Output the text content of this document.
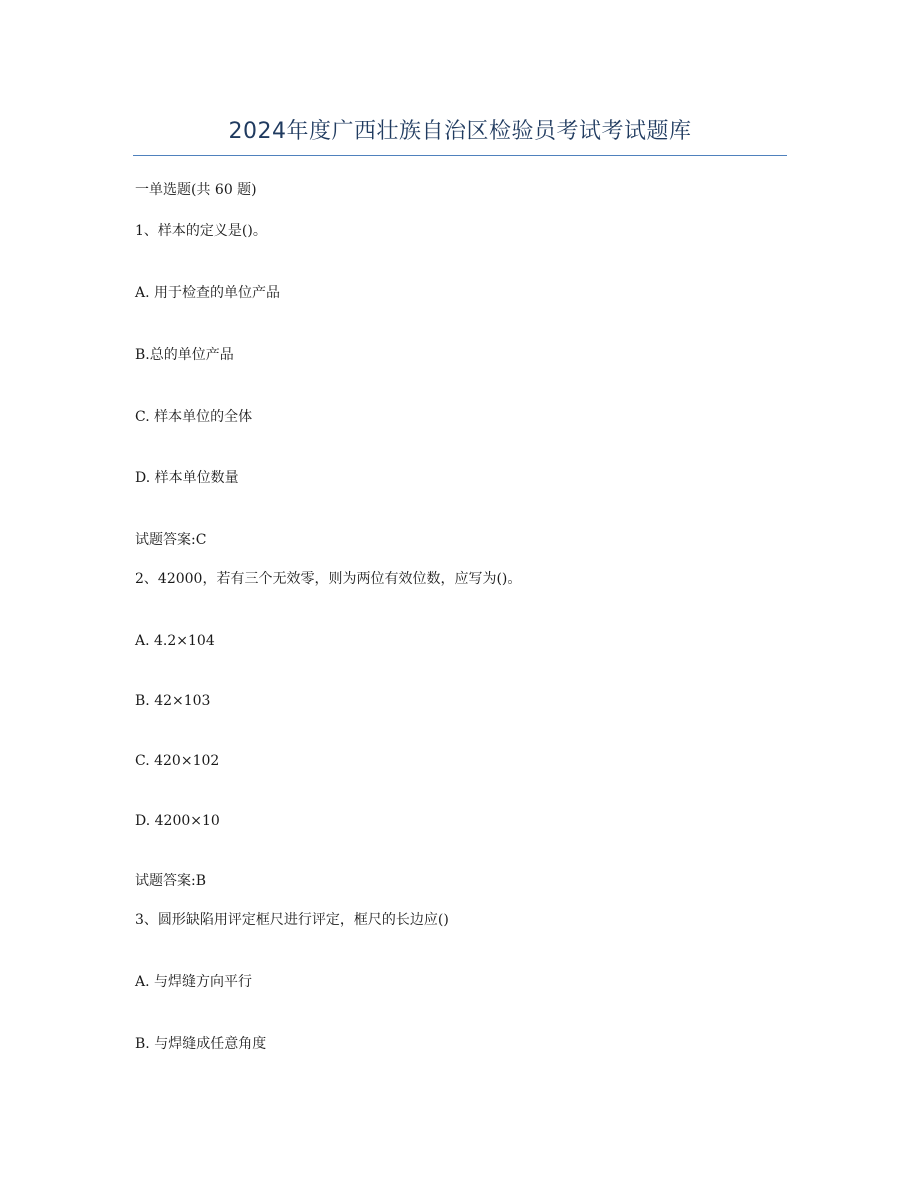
2024年度广西壮族自治区检验员考试考试题库
一单选题(共 60 题)
1、样本的定义是()。
A. 用于检查的单位产品
B.总的单位产品
C. 样本单位的全体
D. 样本单位数量
试题答案:C
2、42000，若有三个无效零，则为两位有效位数，应写为()。
A. 4.2×104
B. 42×103
C. 420×102
D. 4200×10
试题答案:B
3、圆形缺陷用评定框尺进行评定，框尺的长边应()
A. 与焊缝方向平行
B. 与焊缝成任意角度
